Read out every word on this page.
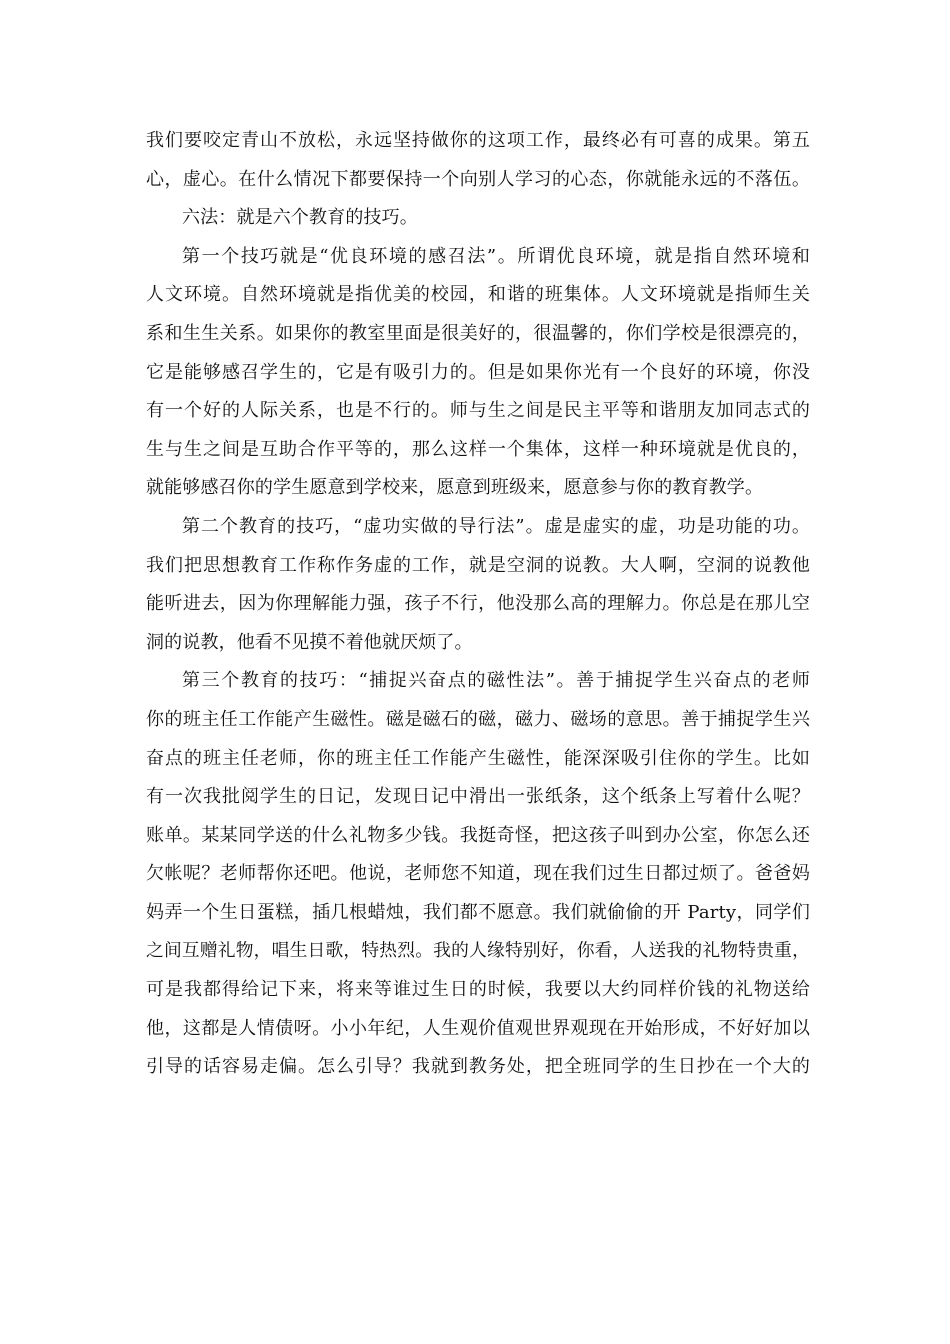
我们要咬定青山不放松，永远坚持做你的这项工作，最终必有可喜的成果。第五
心，虚心。在什么情况下都要保持一个向别人学习的心态，你就能永远的不落伍。
六法：就是六个教育的技巧。
第一个技巧就是“优良环境的感召法”。所谓优良环境，就是指自然环境和
人文环境。自然环境就是指优美的校园，和谐的班集体。人文环境就是指师生关
系和生生关系。如果你的教室里面是很美好的，很温馨的，你们学校是很漂亮的，
它是能够感召学生的，它是有吸引力的。但是如果你光有一个良好的环境，你没
有一个好的人际关系，也是不行的。师与生之间是民主平等和谐朋友加同志式的
生与生之间是互助合作平等的，那么这样一个集体，这样一种环境就是优良的，
就能够感召你的学生愿意到学校来，愿意到班级来，愿意参与你的教育教学。
第二个教育的技巧，“虚功实做的导行法”。虚是虚实的虚，功是功能的功。
我们把思想教育工作称作务虚的工作，就是空洞的说教。大人啊，空洞的说教他
能听进去，因为你理解能力强，孩子不行，他没那么高的理解力。你总是在那儿空
洞的说教，他看不见摸不着他就厌烦了。
第三个教育的技巧：“捕捉兴奋点的磁性法”。善于捕捉学生兴奋点的老师
你的班主任工作能产生磁性。磁是磁石的磁，磁力、磁场的意思。善于捕捉学生兴
奋点的班主任老师，你的班主任工作能产生磁性，能深深吸引住你的学生。比如
有一次我批阅学生的日记，发现日记中滑出一张纸条，这个纸条上写着什么呢？
账单。某某同学送的什么礼物多少钱。我挺奇怪，把这孩子叫到办公室，你怎么还
欠帐呢？老师帮你还吧。他说，老师您不知道，现在我们过生日都过烦了。爸爸妈
妈弄一个生日蛋糕，插几根蜡烛，我们都不愿意。我们就偷偷的开 Party，同学们
之间互赠礼物，唱生日歌，特热烈。我的人缘特别好，你看，人送我的礼物特贵重，
可是我都得给记下来，将来等谁过生日的时候，我要以大约同样价钱的礼物送给
他，这都是人情债呀。小小年纪，人生观价值观世界观现在开始形成，不好好加以
引导的话容易走偏。怎么引导？我就到教务处，把全班同学的生日抄在一个大的
